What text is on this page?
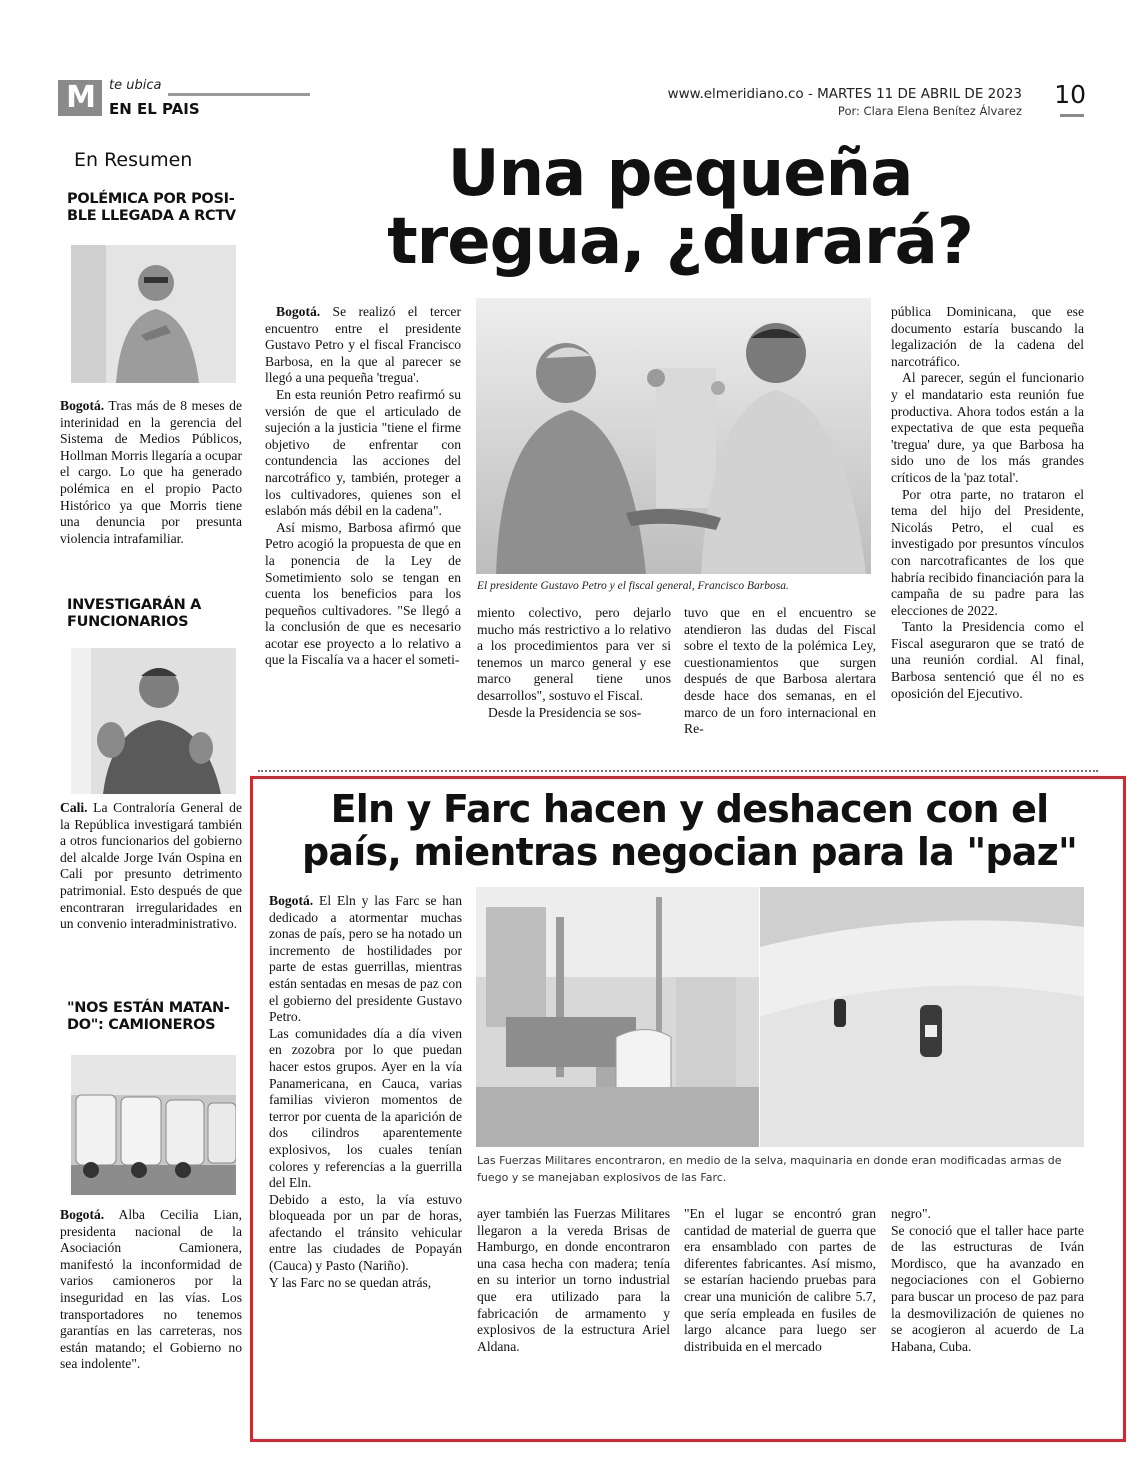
M	te ubica
EN EL PAIS
www.elmeridiano.co - MARTES 11 DE ABRIL DE 2023
Por: Clara Elena Benítez Álvarez
10
En Resumen
POLÉMICA POR POSI-BLE LLEGADA A RCTV
Bogotá. Tras más de 8 meses de interinidad en la gerencia del Sistema de Medios Públicos, Hollman Morris llegaría a ocupar el cargo. Lo que ha generado polémica en el propio Pacto Histórico ya que Morris tiene una denuncia por presunta violencia intrafamiliar.
INVESTIGARÁN A FUNCIONARIOS
Cali. La Contraloría General de la República investigará también a otros funcionarios del gobierno del alcalde Jorge Iván Ospina en Cali por presunto detrimento patrimonial. Esto después de que encontraran irregularidades en un convenio interadministrativo.
"NOS ESTÁN MATAN-DO": CAMIONEROS
Bogotá. Alba Cecilia Lian, presidenta nacional de la Asociación Camionera, manifestó la inconformidad de varios camioneros por la inseguridad en las vías. Los transportadores no tenemos garantías en las carreteras, nos están matando; el Gobierno no sea indolente".
Una pequeña
tregua, ¿durará?

Bogotá. Se realizó el tercer encuentro entre el presidente Gustavo Petro y el fiscal Francisco Barbosa, en la que al parecer se llegó a una pequeña 'tregua'.

En esta reunión Petro reafirmó su versión de que el articulado de sujeción a la justicia "tiene el firme objetivo de enfrentar con contundencia las acciones del narcotráfico y, también, proteger a los cultivadores, quienes son el eslabón más débil en la cadena".

Así mismo, Barbosa afirmó que Petro acogió la propuesta de que en la ponencia de la Ley de Sometimiento solo se tengan en cuenta los beneficios para los pequeños cultivadores. "Se llegó a la conclusión de que es necesario acotar ese proyecto a lo relativo a que la Fiscalía va a hacer el someti-

El presidente Gustavo Petro y el fiscal general, Francisco Barbosa.

miento colectivo, pero dejarlo mucho más restrictivo a lo relativo a los procedimientos para ver si tenemos un marco general y ese marco general tiene unos desarrollos", sostuvo el Fiscal.

Desde la Presidencia se sos-

tuvo que en el encuentro se atendieron las dudas del Fiscal sobre el texto de la polémica Ley, cuestionamientos que surgen después de que Barbosa alertara desde hace dos semanas, en el marco de un foro internacional en Re-

pública Dominicana, que ese documento estaría buscando la legalización de la cadena del narcotráfico.

Al parecer, según el funcionario y el mandatario esta reunión fue productiva. Ahora todos están a la expectativa de que esta pequeña 'tregua' dure, ya que Barbosa ha sido uno de los más grandes críticos de la 'paz total'.

Por otra parte, no trataron el tema del hijo del Presidente, Nicolás Petro, el cual es investigado por presuntos vínculos con narcotraficantes de los que habría recibido financiación para la campaña de su padre para las elecciones de 2022.

Tanto la Presidencia como el Fiscal aseguraron que se trató de una reunión cordial. Al final, Barbosa sentenció que él no es oposición del Ejecutivo.

Eln y Farc hacen y deshacen con el
país, mientras negocian para la "paz"

Bogotá. El Eln y las Farc se han dedicado a atormentar muchas zonas de país, pero se ha notado un incremento de hostilidades por parte de estas guerrillas, mientras están sentadas en mesas de paz con el gobierno del presidente Gustavo Petro.

Las comunidades día a día viven en zozobra por lo que puedan hacer estos grupos. Ayer en la vía Panamericana, en Cauca, varias familias vivieron momentos de terror por cuenta de la aparición de dos cilindros aparentemente explosivos, los cuales tenían colores y referencias a la guerrilla del Eln.

Debido a esto, la vía estuvo bloqueada por un par de horas, afectando el tránsito vehicular entre las ciudades de Popayán (Cauca) y Pasto (Nariño).

Y las Farc no se quedan atrás,

Las Fuerzas Militares encontraron, en medio de la selva, maquinaria en donde eran modificadas armas de
fuego y se manejaban explosivos de las Farc.

ayer también las Fuerzas Militares llegaron a la vereda Brisas de Hamburgo, en donde encontraron una casa hecha con madera; tenía en su interior un torno industrial que era utilizado para la fabricación de armamento y explosivos de la estructura Ariel Aldana.

"En el lugar se encontró gran cantidad de material de guerra que era ensamblado con partes de diferentes fabricantes. Así mismo, se estarían haciendo pruebas para crear una munición de calibre 5.7, que sería empleada en fusiles de largo alcance para luego ser distribuida en el mercado

negro".

Se conoció que el taller hace parte de las estructuras de Iván Mordisco, que ha avanzado en negociaciones con el Gobierno para buscar un proceso de paz para la desmovilización de quienes no se acogieron al acuerdo de La Habana, Cuba.
